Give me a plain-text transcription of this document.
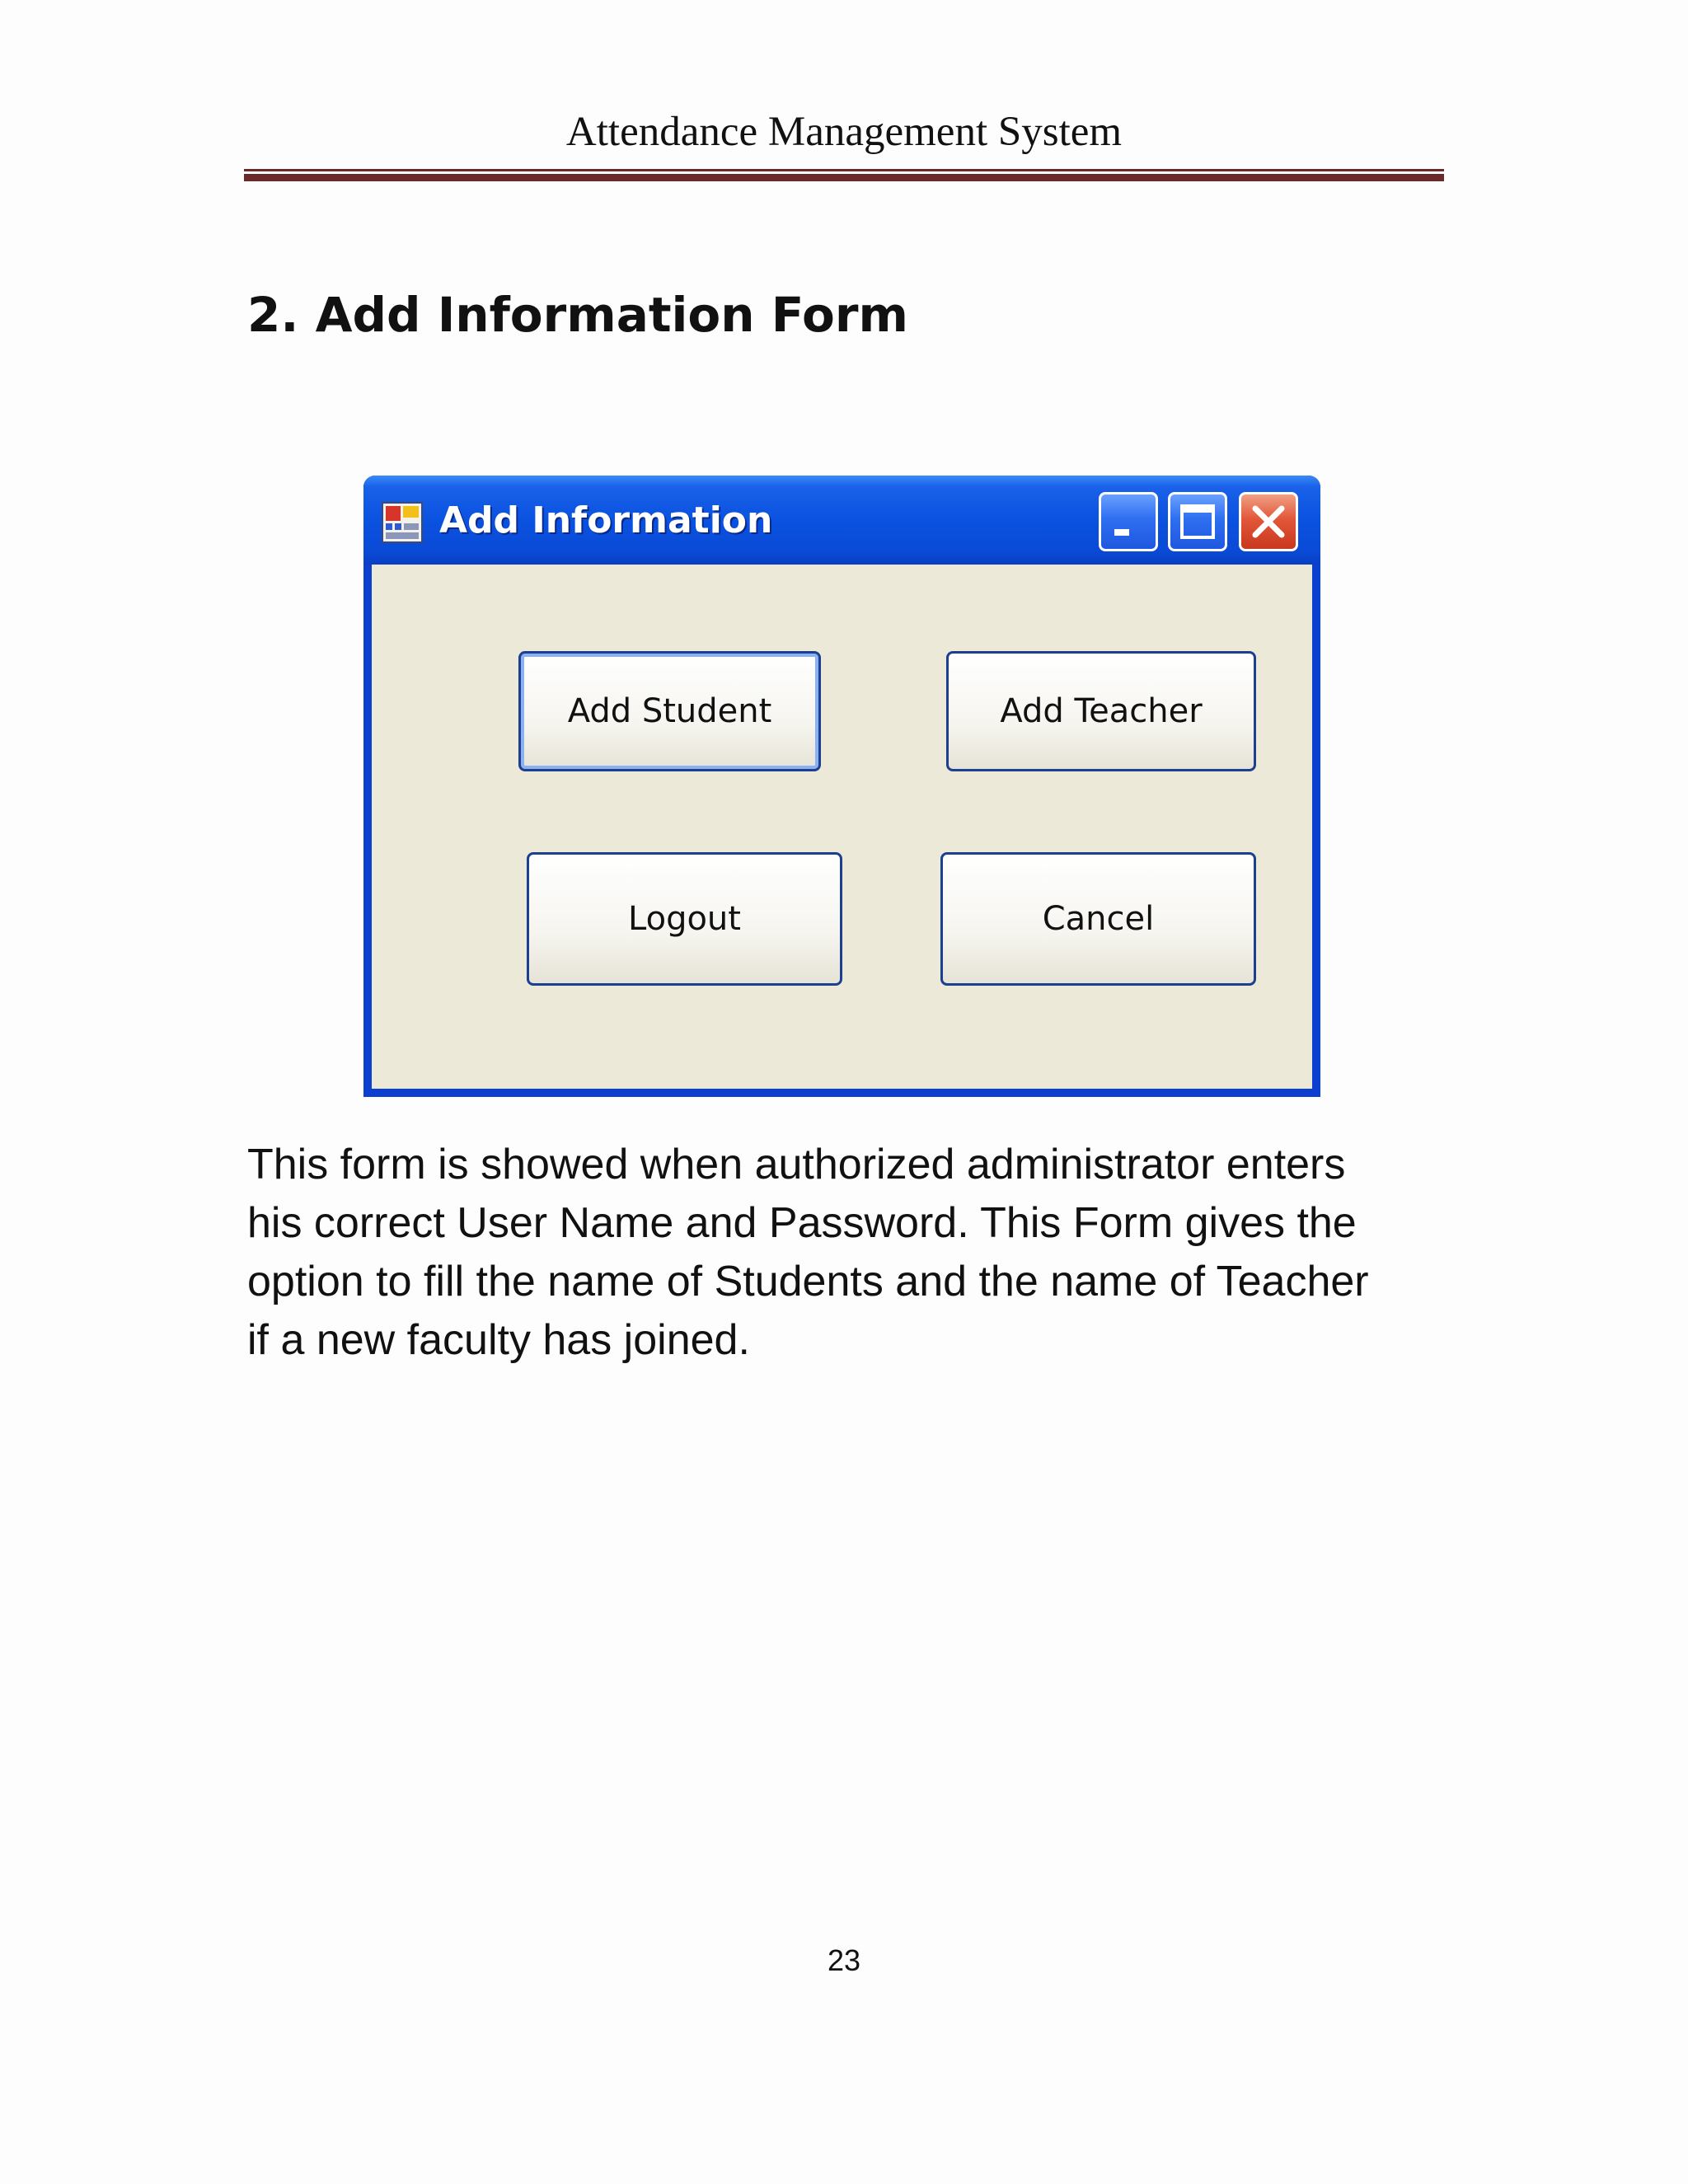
Attendance Management System
2. Add Information Form
Add Information
Add Student	Add Teacher
Logout	Cancel
This form is showed when authorized administrator enters
his correct User Name and Password. This Form gives the
option to fill the name of Students and the name of Teacher
if a new faculty has joined.
23
